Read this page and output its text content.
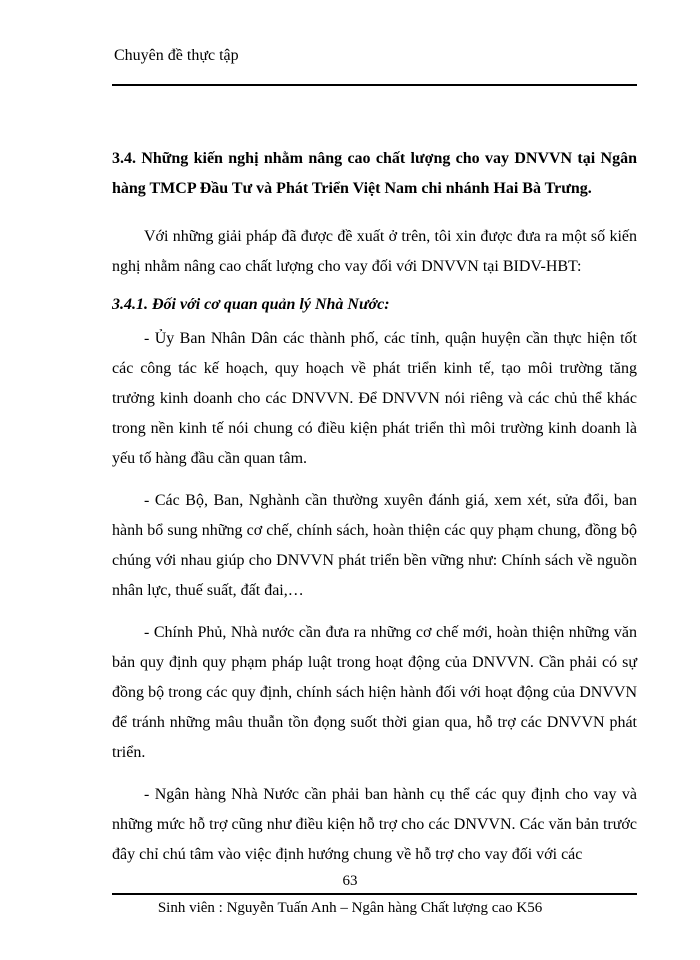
Chuyên đề thực tập

3.4. Những kiến nghị nhằm nâng cao chất lượng cho vay DNVVN tại Ngân hàng TMCP Đầu Tư và Phát Triển Việt Nam chi nhánh Hai Bà Trưng.

Với những giải pháp đã được đề xuất ở trên, tôi xin được đưa ra một số kiến nghị nhằm nâng cao chất lượng cho vay đối với DNVVN tại BIDV-HBT:

3.4.1. Đối với cơ quan quản lý Nhà Nước:

- Ủy Ban Nhân Dân các thành phố, các tỉnh, quận huyện cần thực hiện tốt các công tác kế hoạch, quy hoạch về phát triển kinh tế, tạo môi trường tăng trưởng kinh doanh cho các DNVVN. Để DNVVN nói riêng và các chủ thể khác trong nền kinh tế nói chung có điều kiện phát triển thì môi trường kinh doanh là yếu tố hàng đầu cần quan tâm.

- Các Bộ, Ban, Nghành cần thường xuyên đánh giá, xem xét, sửa đổi, ban hành bổ sung những cơ chế, chính sách, hoàn thiện các quy phạm chung, đồng bộ chúng với nhau giúp cho DNVVN phát triển bền vững như: Chính sách về nguồn nhân lực, thuế suất, đất đai,…

- Chính Phủ, Nhà nước cần đưa ra những cơ chế mới, hoàn thiện những văn bản quy định quy phạm pháp luật trong hoạt động của DNVVN. Cần phải có sự đồng bộ trong các quy định, chính sách hiện hành đối với hoạt động của DNVVN để tránh những mâu thuẫn tồn đọng suốt thời gian qua, hỗ trợ các DNVVN phát triển.

- Ngân hàng Nhà Nước cần phải ban hành cụ thể các quy định cho vay và những mức hỗ trợ cũng như điều kiện hỗ trợ cho các DNVVN. Các văn bản trước đây chỉ chú tâm vào việc định hướng chung về hỗ trợ cho vay đối với các

63
Sinh viên : Nguyễn Tuấn Anh – Ngân hàng Chất lượng cao K56
